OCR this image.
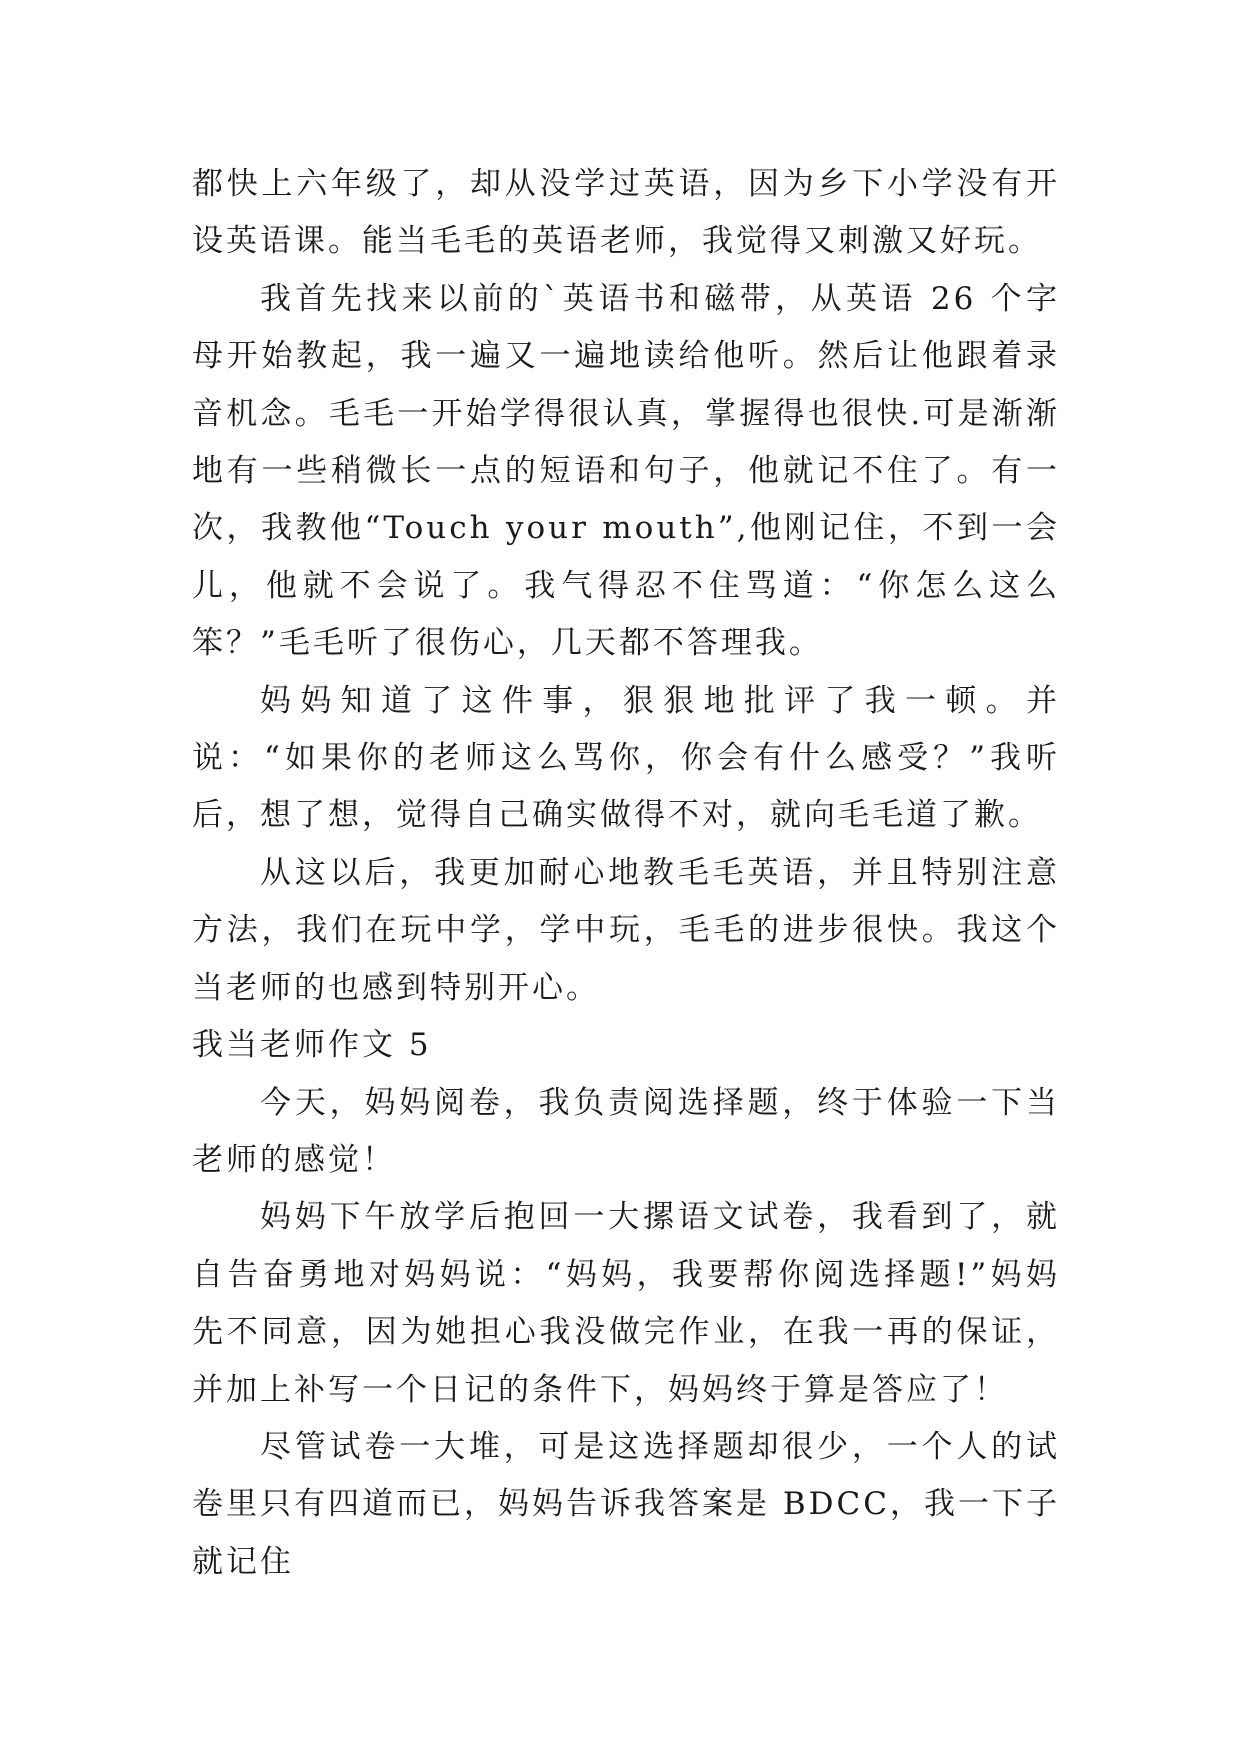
都快上六年级了，却从没学过英语，因为乡下小学没有开设英语课。能当毛毛的英语老师，我觉得又刺激又好玩。

我首先找来以前的`英语书和磁带，从英语 26 个字母开始教起，我一遍又一遍地读给他听。然后让他跟着录音机念。毛毛一开始学得很认真，掌握得也很快.可是渐渐地有一些稍微长一点的短语和句子，他就记不住了。有一次，我教他“Touch your mouth”,他刚记住，不到一会儿，他就不会说了。我气得忍不住骂道：“你怎么这么笨？”毛毛听了很伤心，几天都不答理我。

妈妈知道了这件事，狠狠地批评了我一顿。并说：“如果你的老师这么骂你，你会有什么感受？”我听后，想了想，觉得自己确实做得不对，就向毛毛道了歉。

从这以后，我更加耐心地教毛毛英语，并且特别注意方法，我们在玩中学，学中玩，毛毛的进步很快。我这个当老师的也感到特别开心。

我当老师作文 5

今天，妈妈阅卷，我负责阅选择题，终于体验一下当老师的感觉！

妈妈下午放学后抱回一大摞语文试卷，我看到了，就自告奋勇地对妈妈说：“妈妈，我要帮你阅选择题!”妈妈先不同意，因为她担心我没做完作业，在我一再的保证，并加上补写一个日记的条件下，妈妈终于算是答应了！

尽管试卷一大堆，可是这选择题却很少，一个人的试卷里只有四道而已，妈妈告诉我答案是 BDCC，我一下子就记住
